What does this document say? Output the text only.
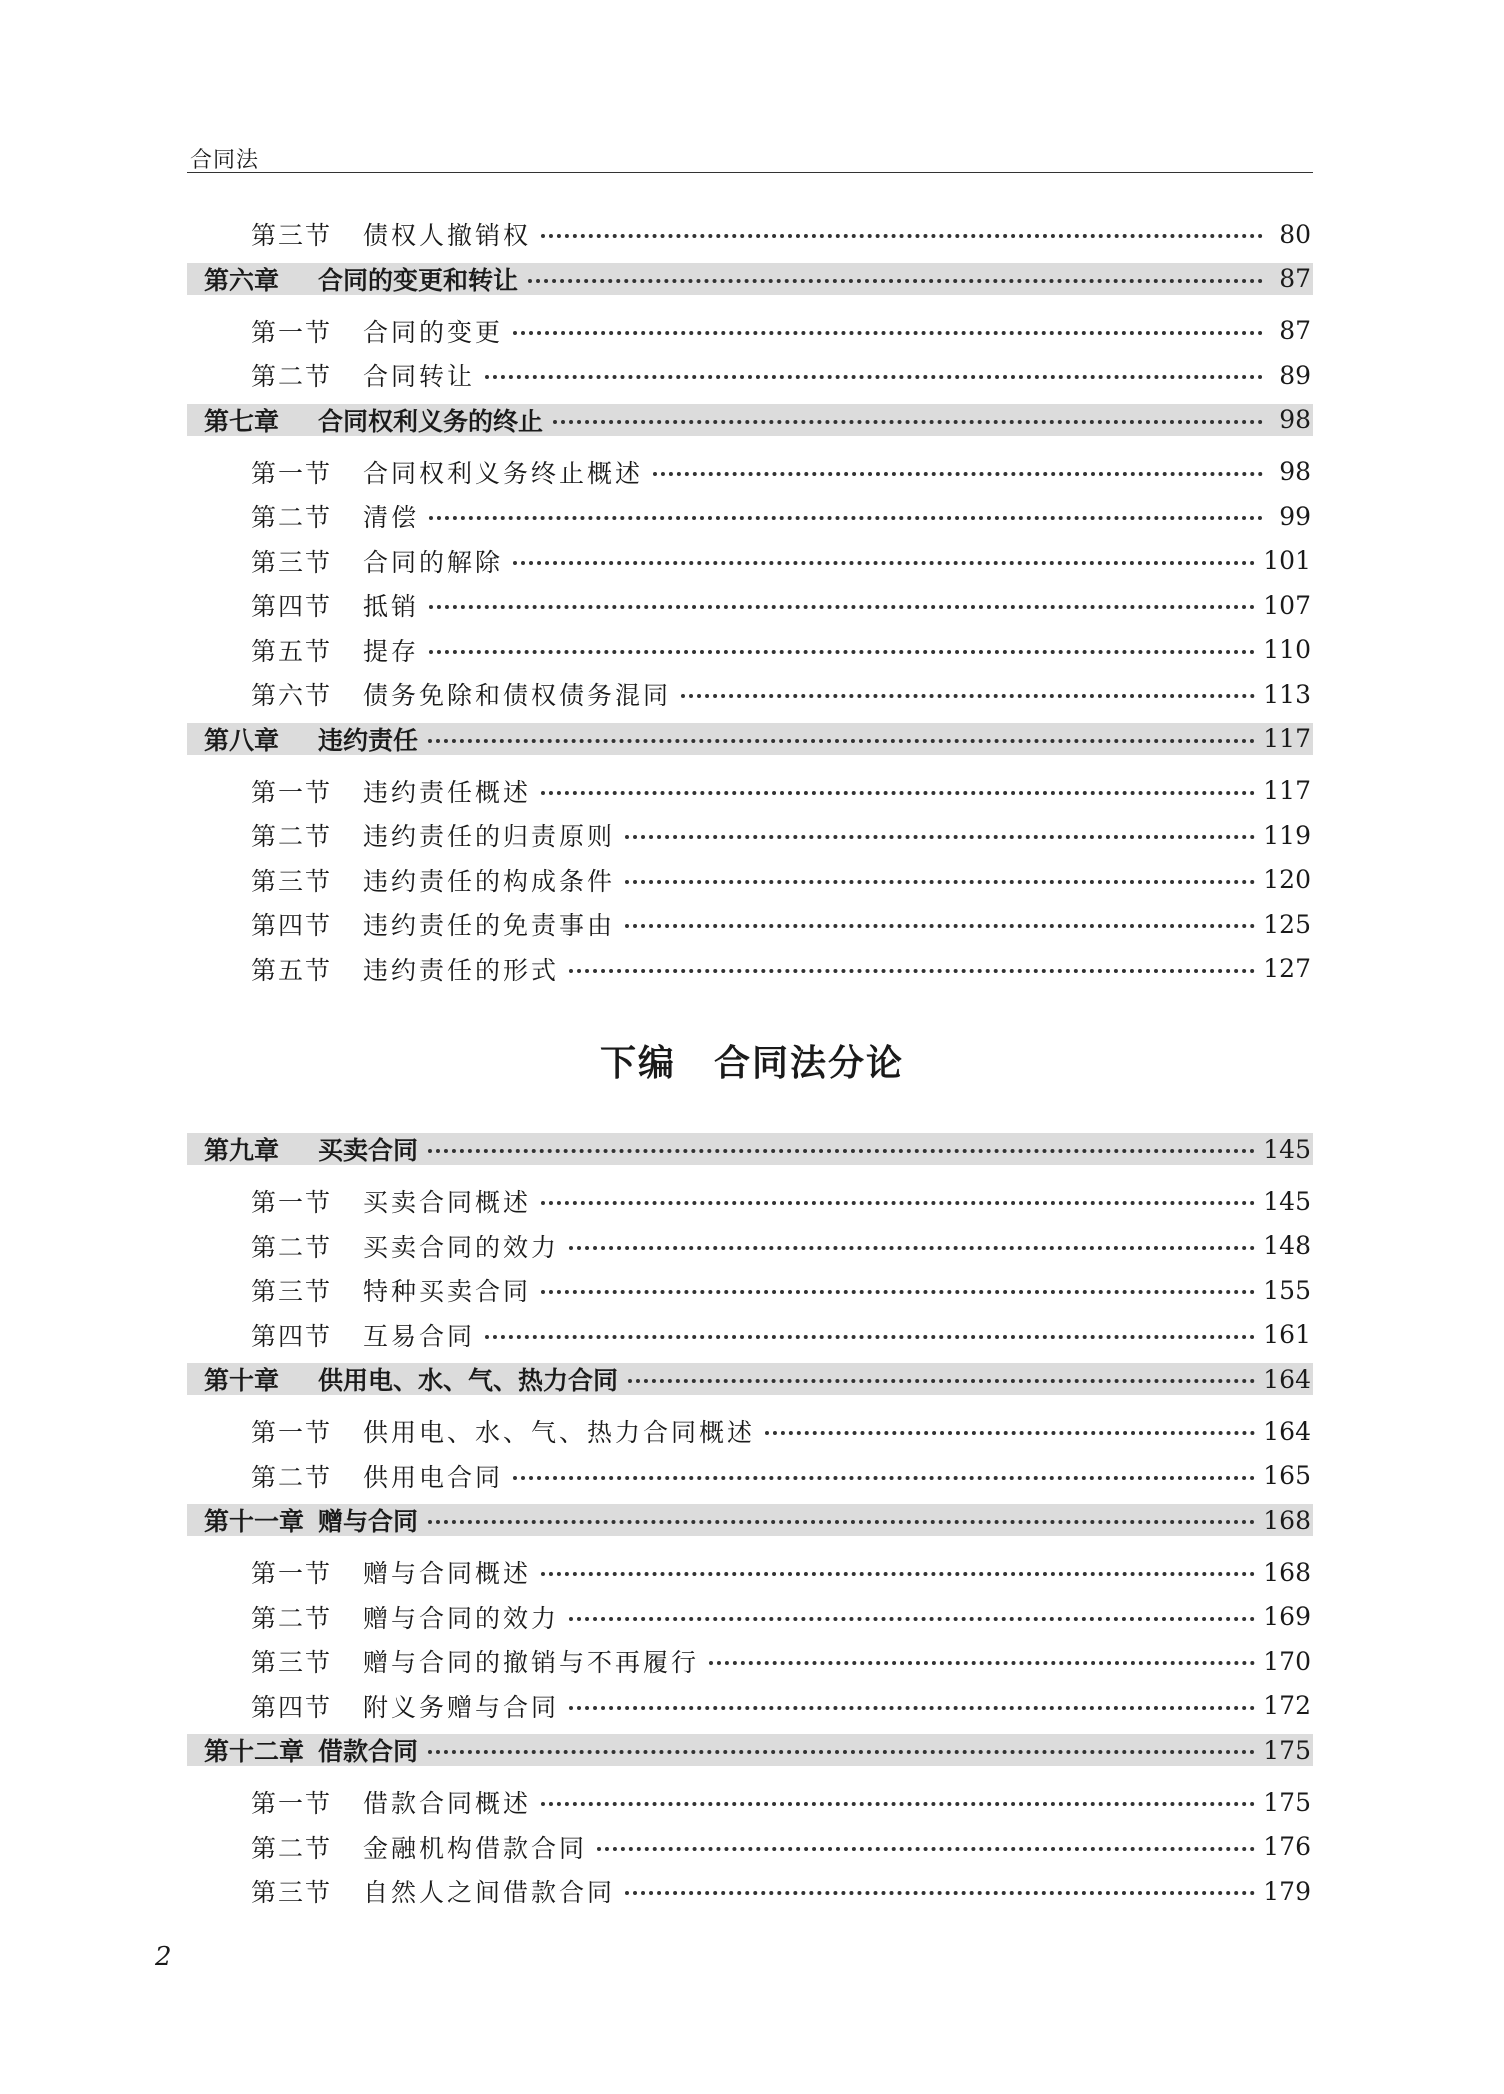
合同法
第三节	债权人撤销权	80
第六章	合同的变更和转让	87
第一节	合同的变更	87
第二节	合同转让	89
第七章	合同权利义务的终止	98
第一节	合同权利义务终止概述	98
第二节	清偿	99
第三节	合同的解除	101
第四节	抵销	107
第五节	提存	110
第六节	债务免除和债权债务混同	113
第八章	违约责任	117
第一节	违约责任概述	117
第二节	违约责任的归责原则	119
第三节	违约责任的构成条件	120
第四节	违约责任的免责事由	125
第五节	违约责任的形式	127
下编　合同法分论
第九章	买卖合同	145
第一节	买卖合同概述	145
第二节	买卖合同的效力	148
第三节	特种买卖合同	155
第四节	互易合同	161
第十章	供用电、水、气、热力合同	164
第一节	供用电、水、气、热力合同概述	164
第二节	供用电合同	165
第十一章 赠与合同	168
第一节	赠与合同概述	168
第二节	赠与合同的效力	169
第三节	赠与合同的撤销与不再履行	170
第四节	附义务赠与合同	172
第十二章 借款合同	175
第一节	借款合同概述	175
第二节	金融机构借款合同	176
第三节	自然人之间借款合同	179
2
